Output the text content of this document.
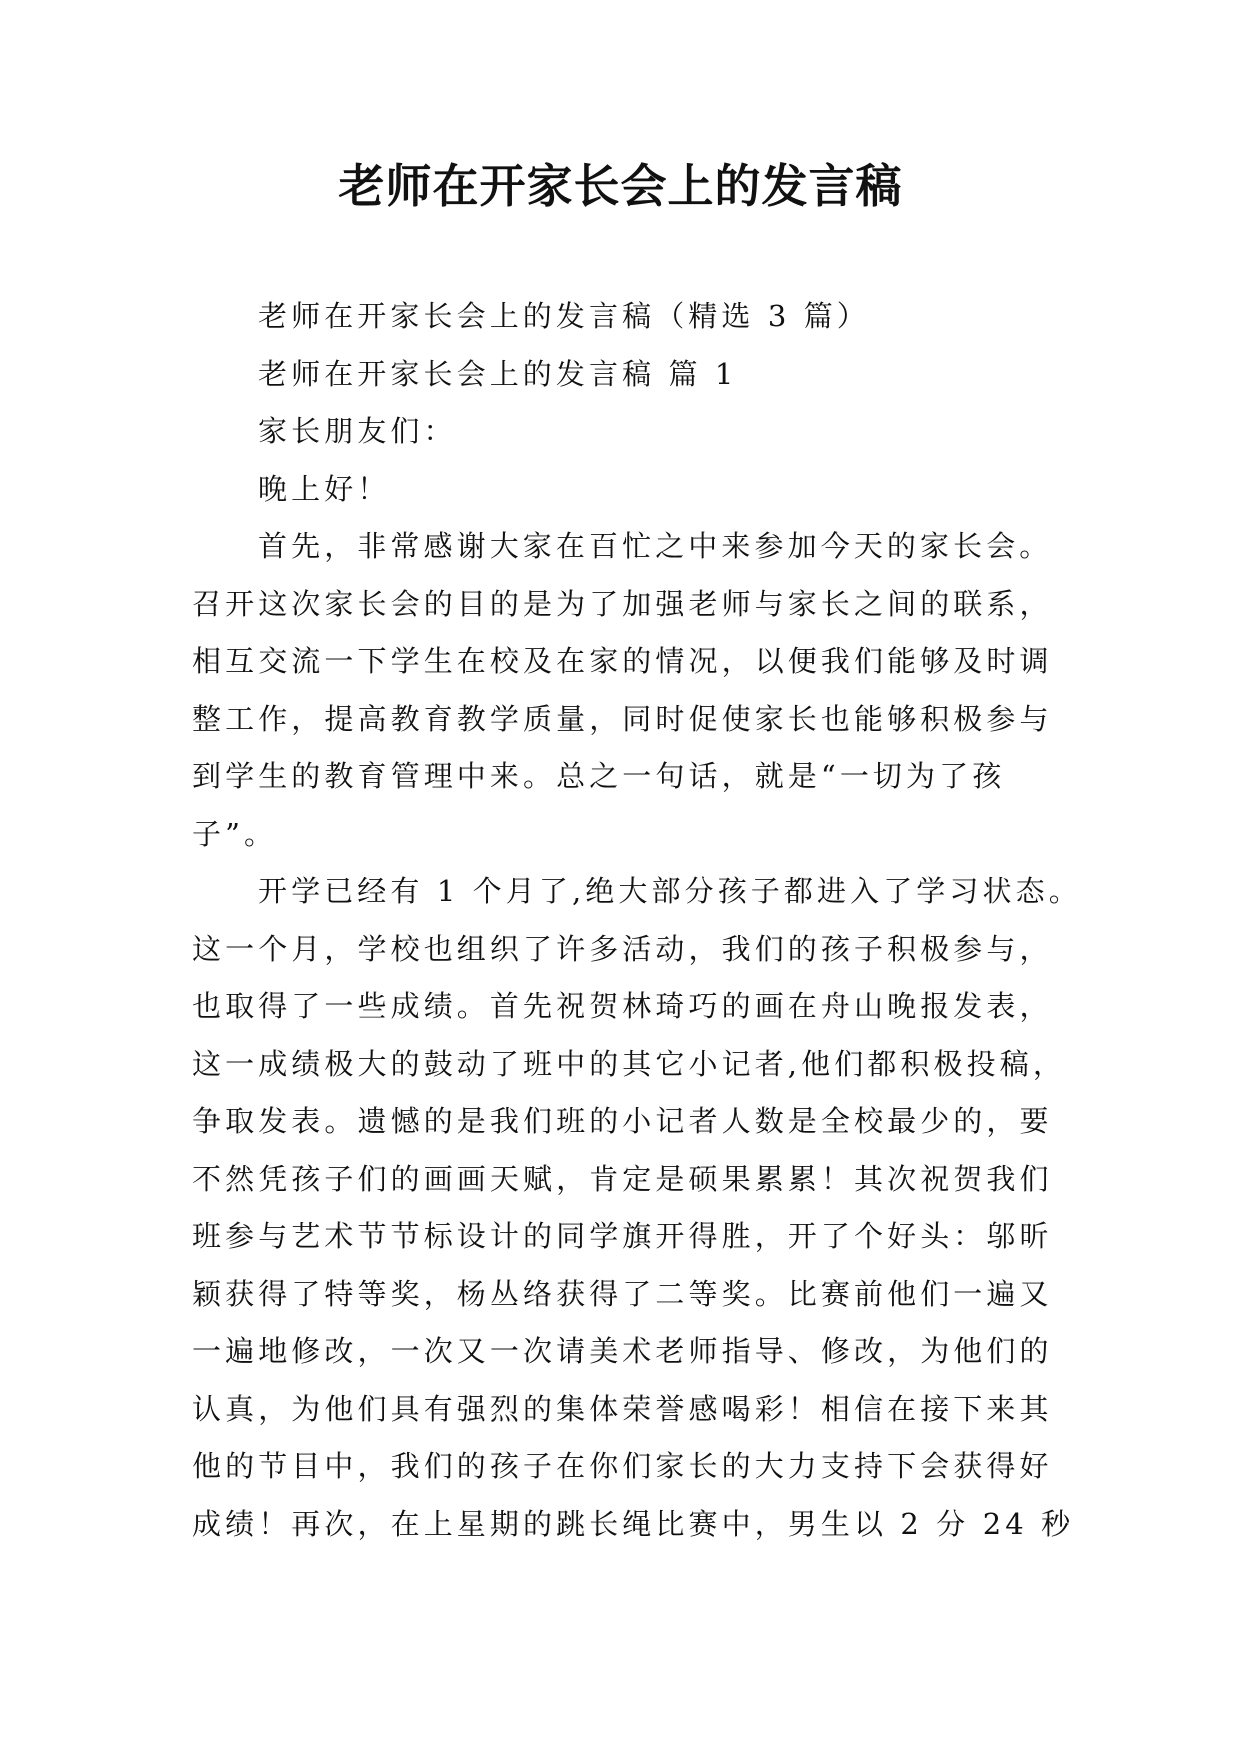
老师在开家长会上的发言稿

老师在开家长会上的发言稿（精选 3 篇）

老师在开家长会上的发言稿 篇 1

家长朋友们：

晚上好！

首先，非常感谢大家在百忙之中来参加今天的家长会。

召开这次家长会的目的是为了加强老师与家长之间的联系，

相互交流一下学生在校及在家的情况，以便我们能够及时调

整工作，提高教育教学质量，同时促使家长也能够积极参与

到学生的教育管理中来。总之一句话，就是“一切为了孩

子”。

开学已经有 1 个月了,绝大部分孩子都进入了学习状态。

这一个月，学校也组织了许多活动，我们的孩子积极参与，

也取得了一些成绩。首先祝贺林琦巧的画在舟山晚报发表，

这一成绩极大的鼓动了班中的其它小记者,他们都积极投稿，

争取发表。遗憾的是我们班的小记者人数是全校最少的，要

不然凭孩子们的画画天赋，肯定是硕果累累！其次祝贺我们

班参与艺术节节标设计的同学旗开得胜，开了个好头：邬昕

颖获得了特等奖，杨丛络获得了二等奖。比赛前他们一遍又

一遍地修改，一次又一次请美术老师指导、修改，为他们的

认真，为他们具有强烈的集体荣誉感喝彩！相信在接下来其

他的节目中，我们的孩子在你们家长的大力支持下会获得好

成绩！再次，在上星期的跳长绳比赛中，男生以 2 分 24 秒
